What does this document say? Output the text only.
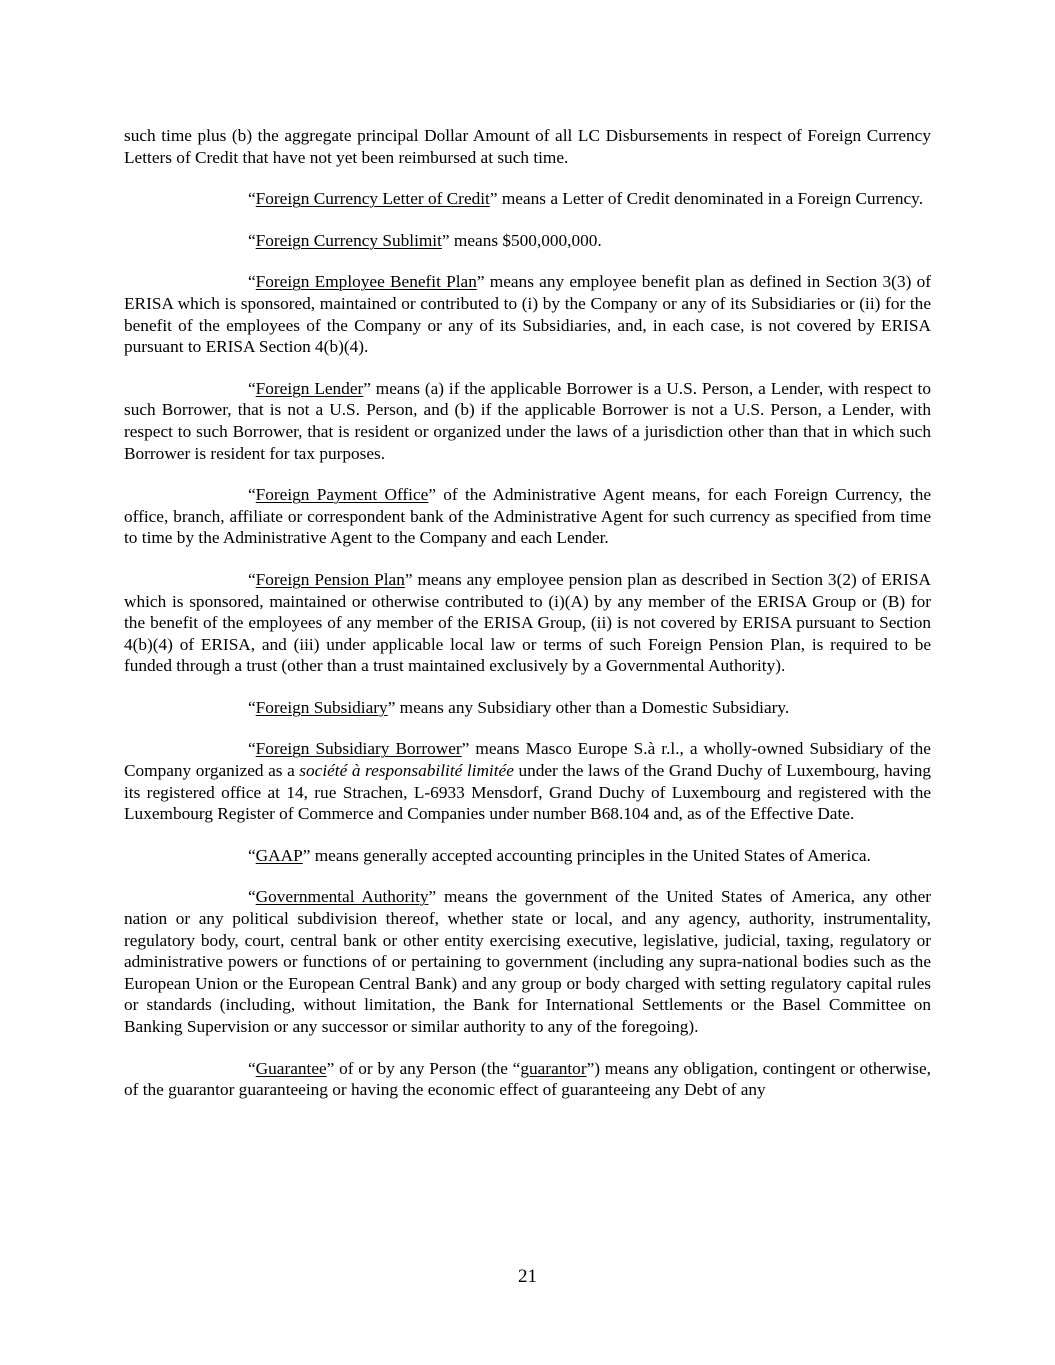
such time plus (b) the aggregate principal Dollar Amount of all LC Disbursements in respect of Foreign Currency Letters of Credit that have not yet been reimbursed at such time.

“Foreign Currency Letter of Credit” means a Letter of Credit denominated in a Foreign Currency.

“Foreign Currency Sublimit” means $500,000,000.

“Foreign Employee Benefit Plan” means any employee benefit plan as defined in Section 3(3) of ERISA which is sponsored, maintained or contributed to (i) by the Company or any of its Subsidiaries or (ii) for the benefit of the employees of the Company or any of its Subsidiaries, and, in each case, is not covered by ERISA pursuant to ERISA Section 4(b)(4).

“Foreign Lender” means (a) if the applicable Borrower is a U.S. Person, a Lender, with respect to such Borrower, that is not a U.S. Person, and (b) if the applicable Borrower is not a U.S. Person, a Lender, with respect to such Borrower, that is resident or organized under the laws of a jurisdiction other than that in which such Borrower is resident for tax purposes.

“Foreign Payment Office” of the Administrative Agent means, for each Foreign Currency, the office, branch, affiliate or correspondent bank of the Administrative Agent for such currency as specified from time to time by the Administrative Agent to the Company and each Lender.

“Foreign Pension Plan” means any employee pension plan as described in Section 3(2) of ERISA which is sponsored, maintained or otherwise contributed to (i)(A) by any member of the ERISA Group or (B) for the benefit of the employees of any member of the ERISA Group, (ii) is not covered by ERISA pursuant to Section 4(b)(4) of ERISA, and (iii) under applicable local law or terms of such Foreign Pension Plan, is required to be funded through a trust (other than a trust maintained exclusively by a Governmental Authority).

“Foreign Subsidiary” means any Subsidiary other than a Domestic Subsidiary.

“Foreign Subsidiary Borrower” means Masco Europe S.à r.l., a wholly-owned Subsidiary of the Company organized as a société à responsabilité limitée under the laws of the Grand Duchy of Luxembourg, having its registered office at 14, rue Strachen, L-6933 Mensdorf, Grand Duchy of Luxembourg and registered with the Luxembourg Register of Commerce and Companies under number B68.104 and, as of the Effective Date.

“GAAP” means generally accepted accounting principles in the United States of America.

“Governmental Authority” means the government of the United States of America, any other nation or any political subdivision thereof, whether state or local, and any agency, authority, instrumentality, regulatory body, court, central bank or other entity exercising executive, legislative, judicial, taxing, regulatory or administrative powers or functions of or pertaining to government (including any supra-national bodies such as the European Union or the European Central Bank) and any group or body charged with setting regulatory capital rules or standards (including, without limitation, the Bank for International Settlements or the Basel Committee on Banking Supervision or any successor or similar authority to any of the foregoing).

“Guarantee” of or by any Person (the “guarantor”) means any obligation, contingent or otherwise, of the guarantor guaranteeing or having the economic effect of guaranteeing any Debt of any

21
